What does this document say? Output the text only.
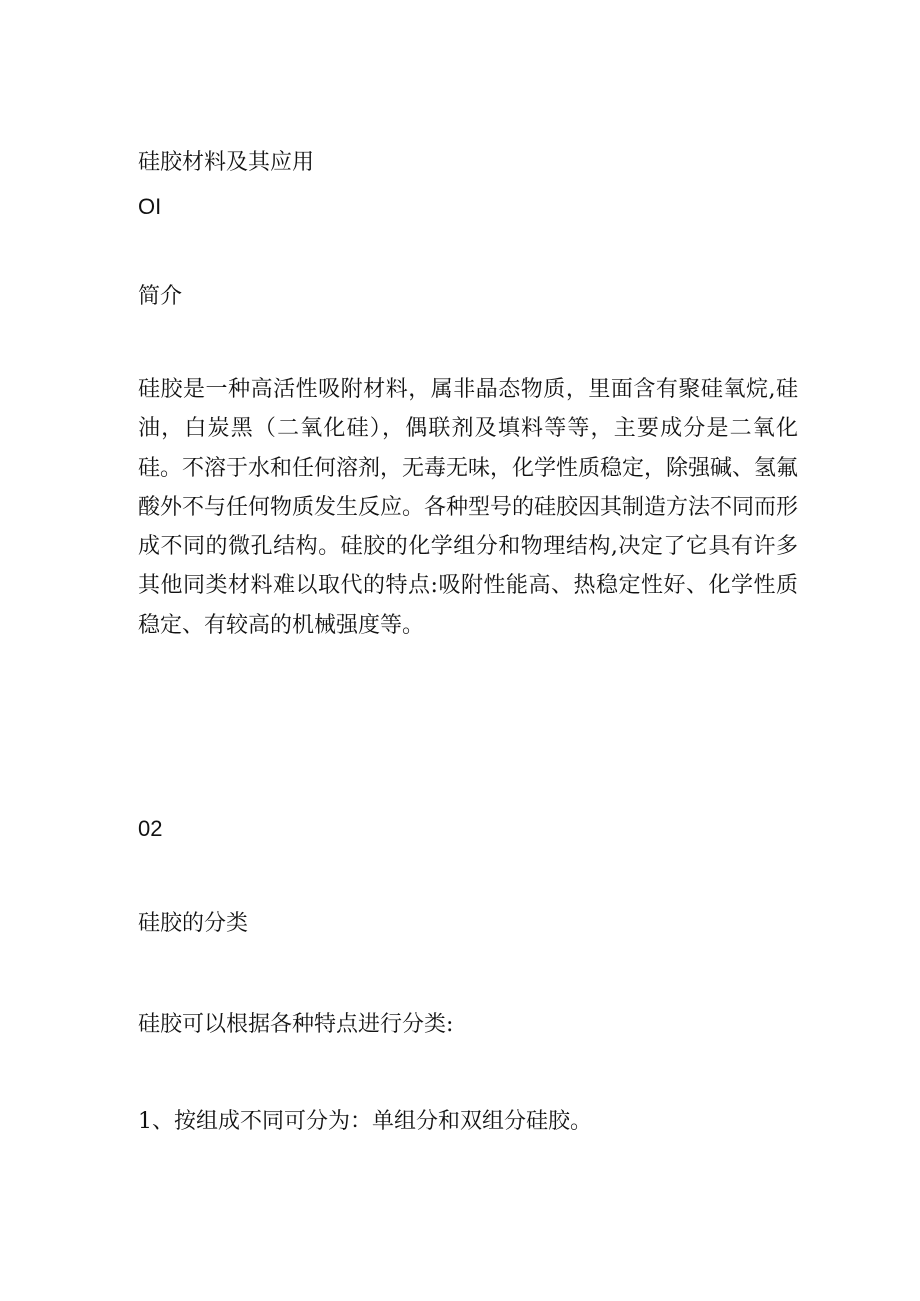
硅胶材料及其应用

OI

简介

硅胶是一种高活性吸附材料，属非晶态物质，里面含有聚硅氧烷,硅油，白炭黑（二氧化硅），偶联剂及填料等等，主要成分是二氧化硅。不溶于水和任何溶剂，无毒无味，化学性质稳定，除强碱、氢氟酸外不与任何物质发生反应。各种型号的硅胶因其制造方法不同而形成不同的微孔结构。硅胶的化学组分和物理结构,决定了它具有许多其他同类材料难以取代的特点:吸附性能高、热稳定性好、化学性质稳定、有较高的机械强度等。

02

硅胶的分类

硅胶可以根据各种特点进行分类:

1、按组成不同可分为：单组分和双组分硅胶。
